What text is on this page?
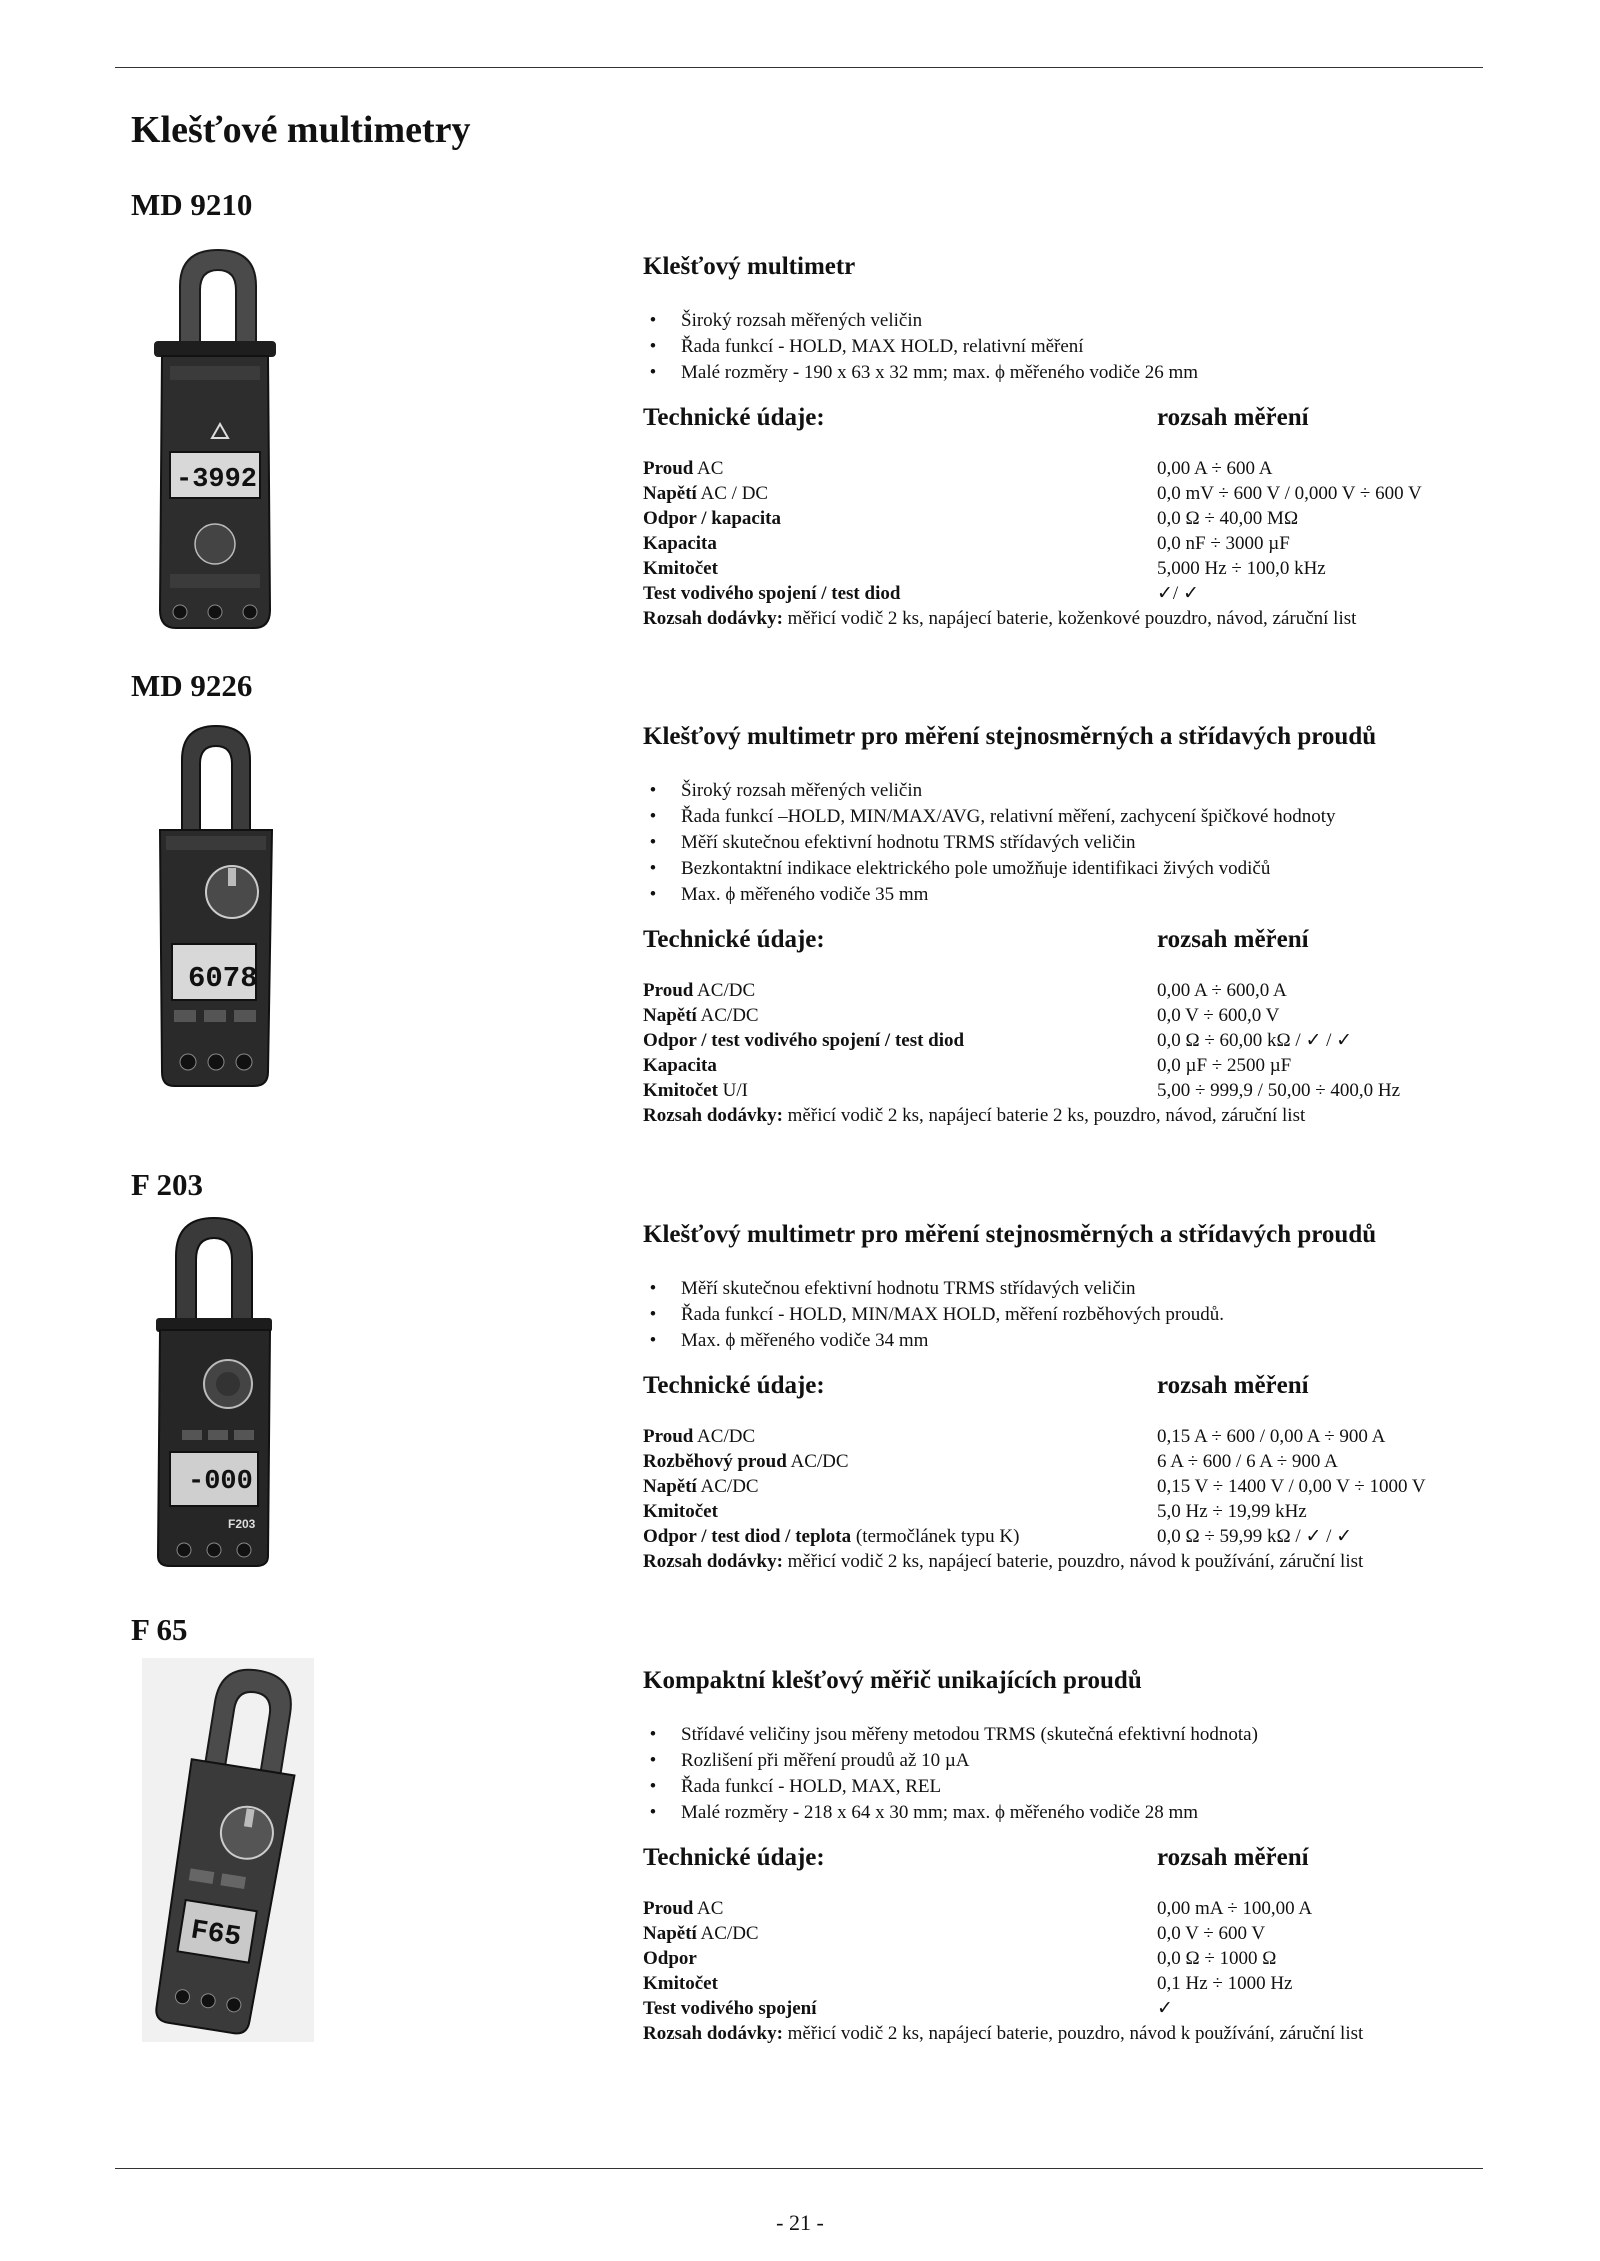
Klešťové multimetry
MD 9210
-3992
Klešťový multimetr
• Široký rozsah měřených veličin
• Řada funkcí - HOLD, MAX HOLD, relativní měření
• Malé rozměry - 190 x 63 x 32 mm; max. ϕ měřeného vodiče 26 mm
Technické údaje:	rozsah měření
Proud AC	0,00 A ÷ 600 A
Napětí AC / DC	0,0 mV ÷ 600 V / 0,000 V ÷ 600 V
Odpor / kapacita	0,0 Ω ÷ 40,00 MΩ
Kapacita	0,0 nF ÷ 3000 µF
Kmitočet	5,000 Hz ÷ 100,0 kHz
Test vodivého spojení / test diod	✓/ ✓
Rozsah dodávky: měřicí vodič 2 ks, napájecí baterie, koženkové pouzdro, návod, záruční list
MD 9226
6078
Klešťový multimetr pro měření stejnosměrných a střídavých proudů
• Široký rozsah měřených veličin
• Řada funkcí –HOLD, MIN/MAX/AVG, relativní měření, zachycení špičkové hodnoty
• Měří skutečnou efektivní hodnotu TRMS střídavých veličin
• Bezkontaktní indikace elektrického pole umožňuje identifikaci živých vodičů
• Max. ϕ měřeného vodiče 35 mm
Technické údaje:	rozsah měření
Proud AC/DC	0,00 A ÷ 600,0 A
Napětí AC/DC	0,0 V ÷ 600,0 V
Odpor / test vodivého spojení / test diod	0,0 Ω ÷ 60,00 kΩ / ✓ / ✓
Kapacita	0,0 µF ÷ 2500 µF
Kmitočet U/I	5,00 ÷ 999,9 / 50,00 ÷ 400,0 Hz
Rozsah dodávky: měřicí vodič 2 ks, napájecí baterie 2 ks, pouzdro, návod, záruční list
F 203
-000
F203
Klešťový multimetr pro měření stejnosměrných a střídavých proudů
• Měří skutečnou efektivní hodnotu TRMS střídavých veličin
• Řada funkcí - HOLD, MIN/MAX HOLD, měření rozběhových proudů.
• Max. ϕ měřeného vodiče 34 mm
Technické údaje:	rozsah měření
Proud AC/DC	0,15 A ÷ 600 / 0,00 A ÷ 900 A
Rozběhový proud AC/DC	6 A ÷ 600 / 6 A ÷ 900 A
Napětí AC/DC	0,15 V ÷ 1400 V / 0,00 V ÷ 1000 V
Kmitočet	5,0 Hz ÷ 19,99 kHz
Odpor / test diod / teplota (termočlánek typu K)	0,0 Ω ÷ 59,99 kΩ / ✓ / ✓
Rozsah dodávky: měřicí vodič 2 ks, napájecí baterie, pouzdro, návod k používání, záruční list
F 65
F65
Kompaktní klešťový měřič unikajících proudů
• Střídavé veličiny jsou měřeny metodou TRMS (skutečná efektivní hodnota)
• Rozlišení při měření proudů až 10 µA
• Řada funkcí - HOLD, MAX, REL
• Malé rozměry - 218 x 64 x 30 mm; max. ϕ měřeného vodiče 28 mm
Technické údaje:	rozsah měření
Proud AC	0,00 mA ÷ 100,00 A
Napětí AC/DC	0,0 V ÷ 600 V
Odpor	0,0 Ω ÷ 1000 Ω
Kmitočet	0,1 Hz ÷ 1000 Hz
Test vodivého spojení	✓
Rozsah dodávky: měřicí vodič 2 ks, napájecí baterie, pouzdro, návod k používání, záruční list
- 21 -
